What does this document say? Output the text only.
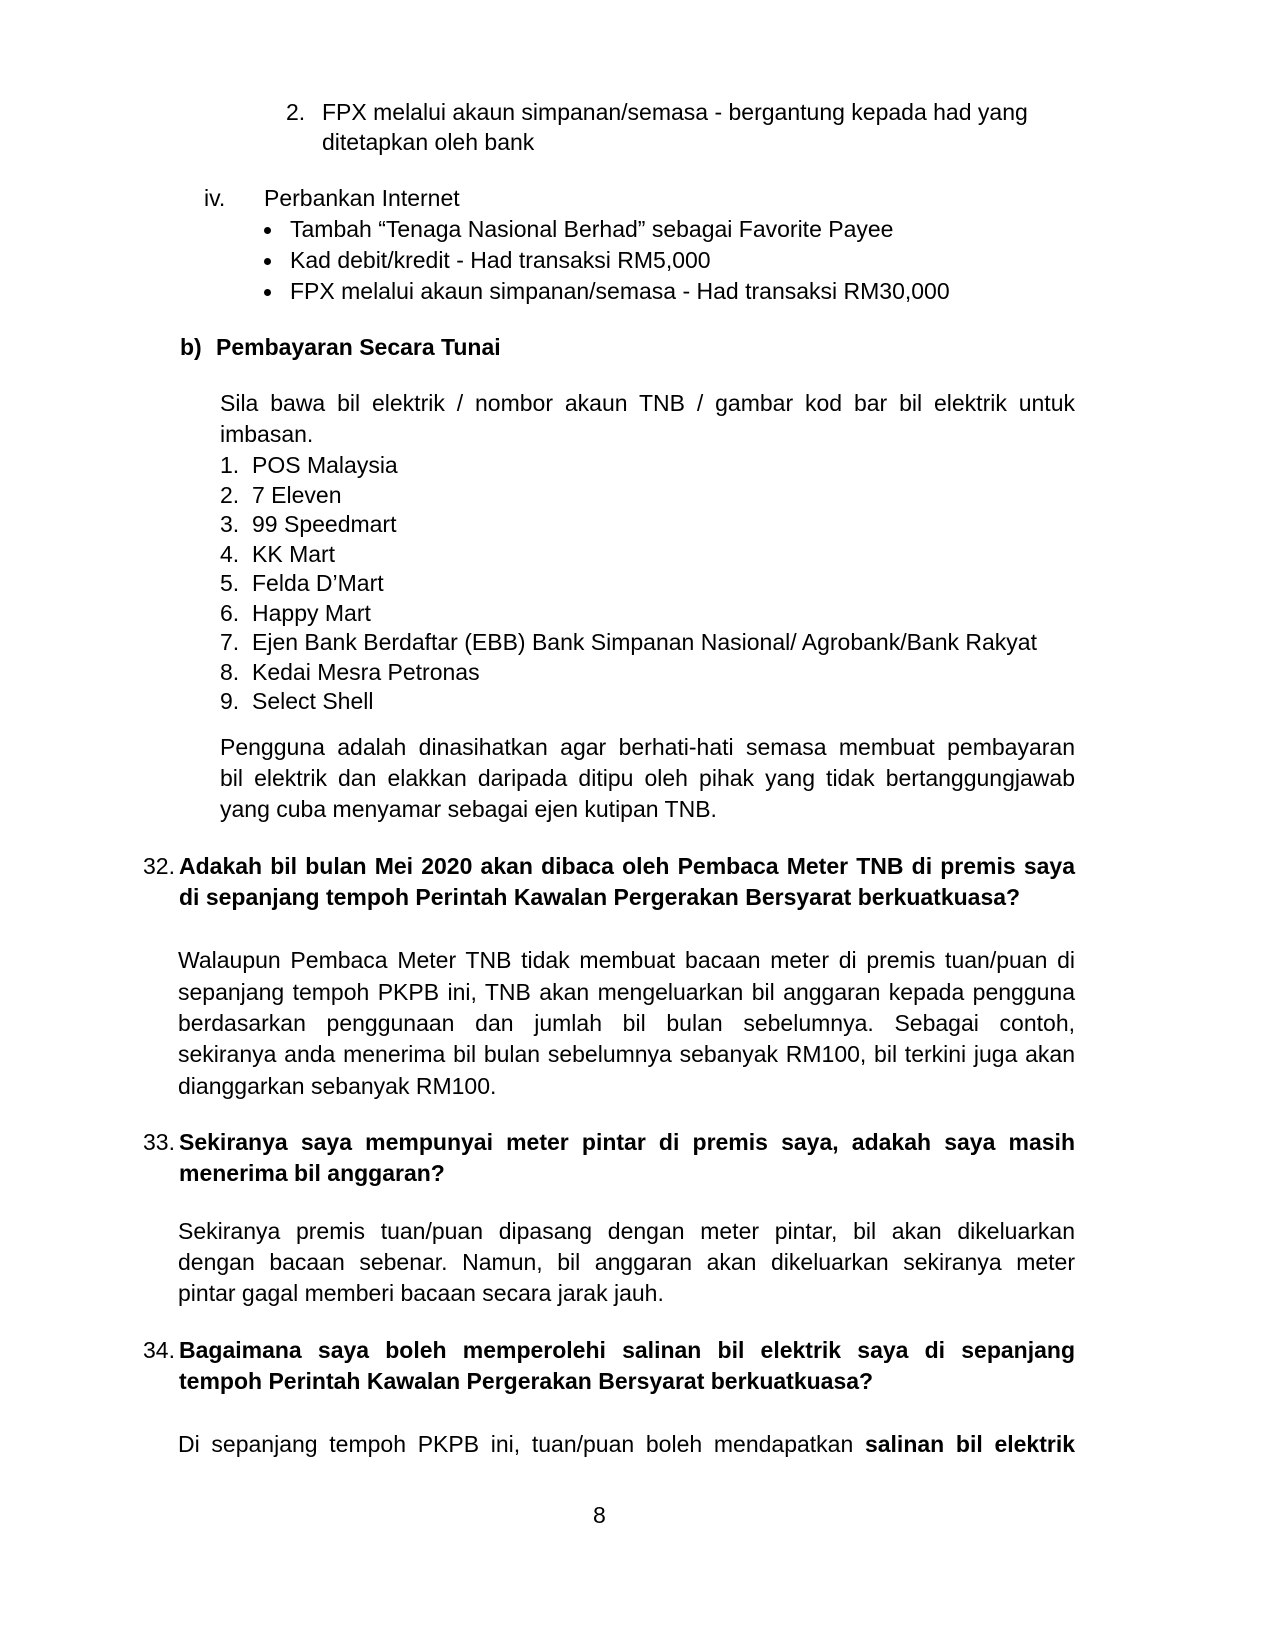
2. FPX melalui akaun simpanan/semasa - bergantung kepada had yang
ditetapkan oleh bank
iv. Perbankan Internet
Tambah “Tenaga Nasional Berhad” sebagai Favorite Payee
Kad debit/kredit - Had transaksi RM5,000
FPX melalui akaun simpanan/semasa - Had transaksi RM30,000
b) Pembayaran Secara Tunai
Sila bawa bil elektrik / nombor akaun TNB / gambar kod bar bil elektrik untuk
imbasan.
1. POS Malaysia
2. 7 Eleven
3. 99 Speedmart
4. KK Mart
5. Felda D’Mart
6. Happy Mart
7. Ejen Bank Berdaftar (EBB) Bank Simpanan Nasional/ Agrobank/Bank Rakyat
8. Kedai Mesra Petronas
9. Select Shell
Pengguna adalah dinasihatkan agar berhati-hati semasa membuat pembayaran
bil elektrik dan elakkan daripada ditipu oleh pihak yang tidak bertanggungjawab
yang cuba menyamar sebagai ejen kutipan TNB.
32. Adakah bil bulan Mei 2020 akan dibaca oleh Pembaca Meter TNB di premis saya
di sepanjang tempoh Perintah Kawalan Pergerakan Bersyarat berkuatkuasa?
Walaupun Pembaca Meter TNB tidak membuat bacaan meter di premis tuan/puan di
sepanjang tempoh PKPB ini, TNB akan mengeluarkan bil anggaran kepada pengguna
berdasarkan penggunaan dan jumlah bil bulan sebelumnya. Sebagai contoh,
sekiranya anda menerima bil bulan sebelumnya sebanyak RM100, bil terkini juga akan
dianggarkan sebanyak RM100.
33. Sekiranya saya mempunyai meter pintar di premis saya, adakah saya masih
menerima bil anggaran?
Sekiranya premis tuan/puan dipasang dengan meter pintar, bil akan dikeluarkan
dengan bacaan sebenar. Namun, bil anggaran akan dikeluarkan sekiranya meter
pintar gagal memberi bacaan secara jarak jauh.
34. Bagaimana saya boleh memperolehi salinan bil elektrik saya di sepanjang
tempoh Perintah Kawalan Pergerakan Bersyarat berkuatkuasa?
Di sepanjang tempoh PKPB ini, tuan/puan boleh mendapatkan salinan bil elektrik
8
